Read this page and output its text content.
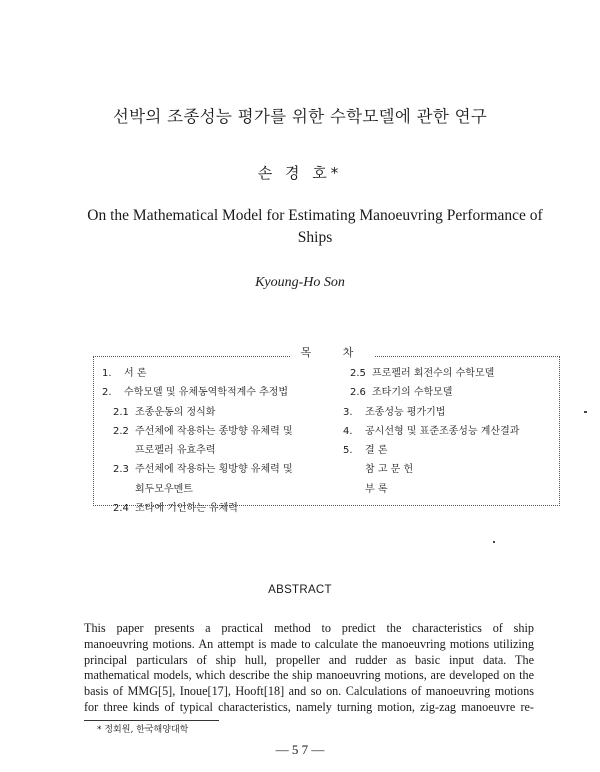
선박의 조종성능 평가를 위한 수학모델에 관한 연구
손 경 호*
On the Mathematical Model for Estimating Manoeuvring Performance of Ships
Kyoung-Ho Son
목 차
1. 서 론
2. 수학모델 및 유체동역학적계수 추정법
2.1 조종운동의 정식화
2.2 주선체에 작용하는 종방향 유체력 및
프로펠러 유효추력
2.3 주선체에 작용하는 횡방향 유체력 및
회두모우멘트
2.4 조타에 기인하는 유체력
2.5 프로펠러 회전수의 수학모델
2.6 조타기의 수학모델
3. 조종성능 평가기법
4. 공시선형 및 표준조종성능 계산결과
5. 결 론
참 고 문 헌
부 록
ABSTRACT
This paper presents a practical method to predict the characteristics of ship
manoeuvring motions. An attempt is made to calculate the manoeuvring motions utilizing
principal particulars of ship hull, propeller and rudder as basic input data. The
mathematical models, which describe the ship manoeuvring motions, are developed on the
basis of MMG[5], Inoue[17], Hooft[18] and so on. Calculations of manoeuvring motions
for three kinds of typical characteristics, namely turning motion, zig-zag manoeuvre re-
* 정회원, 한국해양대학
— 5 7 —
